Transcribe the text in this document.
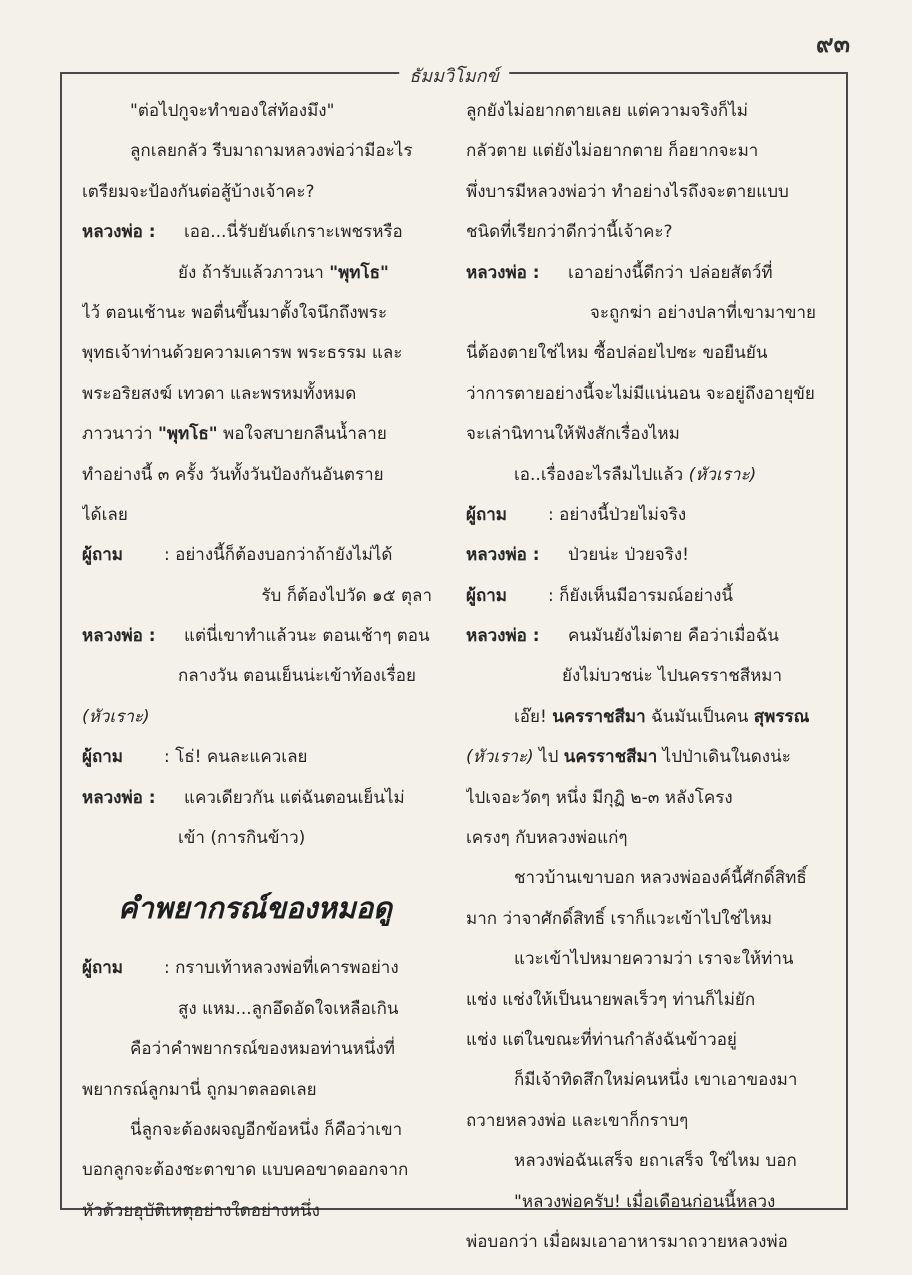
๙๓
ธัมมวิโมกข์
"ต่อไปกูจะทำของใส่ท้องมึง"
ลูกเลยกลัว รีบมาถามหลวงพ่อว่ามีอะไร
เตรียมจะป้องกันต่อสู้บ้างเจ้าคะ?
หลวงพ่อ : เออ...นี่รับยันต์เกราะเพชรหรือ
ยัง ถ้ารับแล้วภาวนา "พุทโธ"
ไว้ ตอนเช้านะ พอตื่นขึ้นมาตั้งใจนึกถึงพระ
พุทธเจ้าท่านด้วยความเคารพ พระธรรม และ
พระอริยสงฆ์ เทวดา และพรหมทั้งหมด
ภาวนาว่า "พุทโธ" พอใจสบายกลืนน้ำลาย
ทำอย่างนี้ ๓ ครั้ง วันทั้งวันป้องกันอันตราย
ได้เลย
ผู้ถาม : อย่างนี้ก็ต้องบอกว่าถ้ายังไม่ได้
รับ ก็ต้องไปวัด ๑๕ ตุลา
หลวงพ่อ : แต่นี่เขาทำแล้วนะ ตอนเช้าๆ ตอน
กลางวัน ตอนเย็นน่ะเข้าท้องเรื่อย
(หัวเราะ)
ผู้ถาม : โธ่! คนละแควเลย
หลวงพ่อ : แควเดียวกัน แต่ฉันตอนเย็นไม่
เข้า (การกินข้าว)
คำพยากรณ์ของหมอดู
ผู้ถาม : กราบเท้าหลวงพ่อที่เคารพอย่าง
สูง แหม...ลูกอึดอัดใจเหลือเกิน
คือว่าคำพยากรณ์ของหมอท่านหนึ่งที่
พยากรณ์ลูกมานี่ ถูกมาตลอดเลย
นี่ลูกจะต้องผจญอีกข้อหนึ่ง ก็คือว่าเขา
บอกลูกจะต้องชะตาขาด แบบคอขาดออกจาก
หัวด้วยอุบัติเหตุอย่างใดอย่างหนึ่ง
ลูกยังไม่อยากตายเลย แต่ความจริงก็ไม่
กลัวตาย แต่ยังไม่อยากตาย ก็อยากจะมา
พึ่งบารมีหลวงพ่อว่า ทำอย่างไรถึงจะตายแบบ
ชนิดที่เรียกว่าดีกว่านี้เจ้าคะ?
หลวงพ่อ : เอาอย่างนี้ดีกว่า ปล่อยสัตว์ที่
จะถูกฆ่า อย่างปลาที่เขามาขาย
นี่ต้องตายใช่ไหม ซื้อปล่อยไปซะ ขอยืนยัน
ว่าการตายอย่างนี้จะไม่มีแน่นอน จะอยู่ถึงอายุขัย
จะเล่านิทานให้ฟังสักเรื่องไหม
เอ..เรื่องอะไรลืมไปแล้ว (หัวเราะ)
ผู้ถาม : อย่างนี้ป่วยไม่จริง
หลวงพ่อ : ป่วยน่ะ ป่วยจริง!
ผู้ถาม : ก็ยังเห็นมีอารมณ์อย่างนี้
หลวงพ่อ : คนมันยังไม่ตาย คือว่าเมื่อฉัน
ยังไม่บวชน่ะ ไปนครราชสีหมา
เอ๊ย! นครราชสีมา ฉันมันเป็นคน สุพรรณ
(หัวเราะ) ไป นครราชสีมา ไปป่าเดินในดงน่ะ
ไปเจอะวัดๆ หนึ่ง มีกุฏิ ๒-๓ หลังโครง
เครงๆ กับหลวงพ่อแก่ๆ
ชาวบ้านเขาบอก หลวงพ่อองค์นี้ศักดิ์สิทธิ์
มาก ว่าจาศักดิ์สิทธิ์ เราก็แวะเข้าไปใช่ไหม
แวะเข้าไปหมายความว่า เราจะให้ท่าน
แช่ง แช่งให้เป็นนายพลเร็วๆ ท่านก็ไม่ยัก
แช่ง แต่ในขณะที่ท่านกำลังฉันข้าวอยู่
ก็มีเจ้าทิดสึกใหม่คนหนึ่ง เขาเอาของมา
ถวายหลวงพ่อ และเขาก็กราบๆ
หลวงพ่อฉันเสร็จ ยถาเสร็จ ใช่ไหม บอก
"หลวงพ่อครับ! เมื่อเดือนก่อนนี้หลวง
พ่อบอกว่า เมื่อผมเอาอาหารมาถวายหลวงพ่อ
